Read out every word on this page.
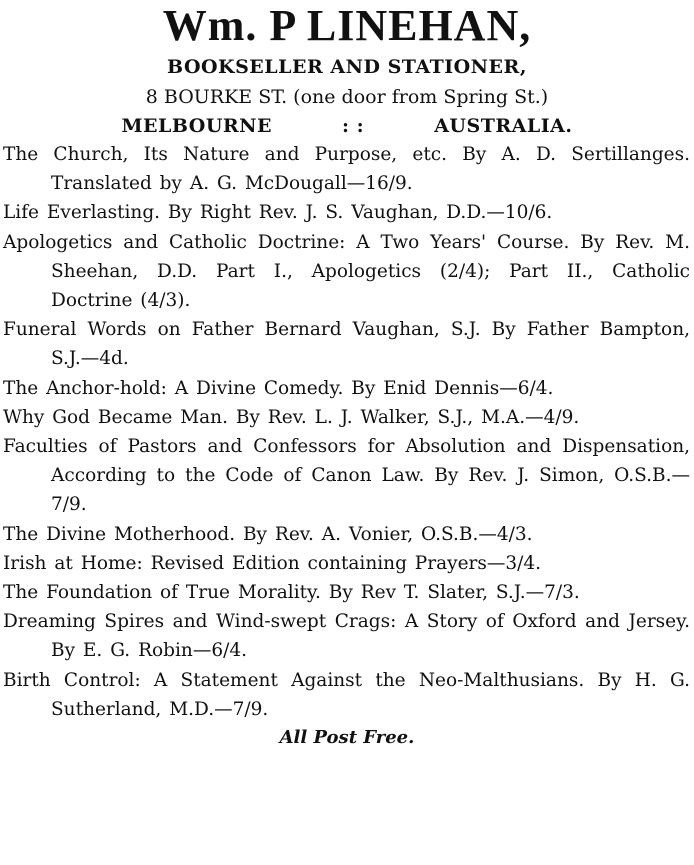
Wm. P LINEHAN,
BOOKSELLER AND STATIONER,
8 BOURKE ST. (one door from Spring St.)
MELBOURNE	: :	AUSTRALIA.
The Church, Its Nature and Purpose, etc. By A. D. Sertillanges. Translated by A. G. McDougall—16/9.
Life Everlasting. By Right Rev. J. S. Vaughan, D.D.—10/6.
Apologetics and Catholic Doctrine: A Two Years' Course. By Rev. M. Sheehan, D.D. Part I., Apologetics (2/4); Part II., Catholic Doctrine (4/3).
Funeral Words on Father Bernard Vaughan, S.J. By Father Bampton, S.J.—4d.
The Anchor-hold: A Divine Comedy. By Enid Dennis—6/4.
Why God Became Man. By Rev. L. J. Walker, S.J., M.A.—4/9.
Faculties of Pastors and Confessors for Absolution and Dispensation, According to the Code of Canon Law. By Rev. J. Simon, O.S.B.—7/9.
The Divine Motherhood. By Rev. A. Vonier, O.S.B.—4/3.
Irish at Home: Revised Edition containing Prayers—3/4.
The Foundation of True Morality. By Rev T. Slater, S.J.—7/3.
Dreaming Spires and Wind-swept Crags: A Story of Oxford and Jersey. By E. G. Robin—6/4.
Birth Control: A Statement Against the Neo-Malthusians. By H. G. Sutherland, M.D.—7/9.
All Post Free.
